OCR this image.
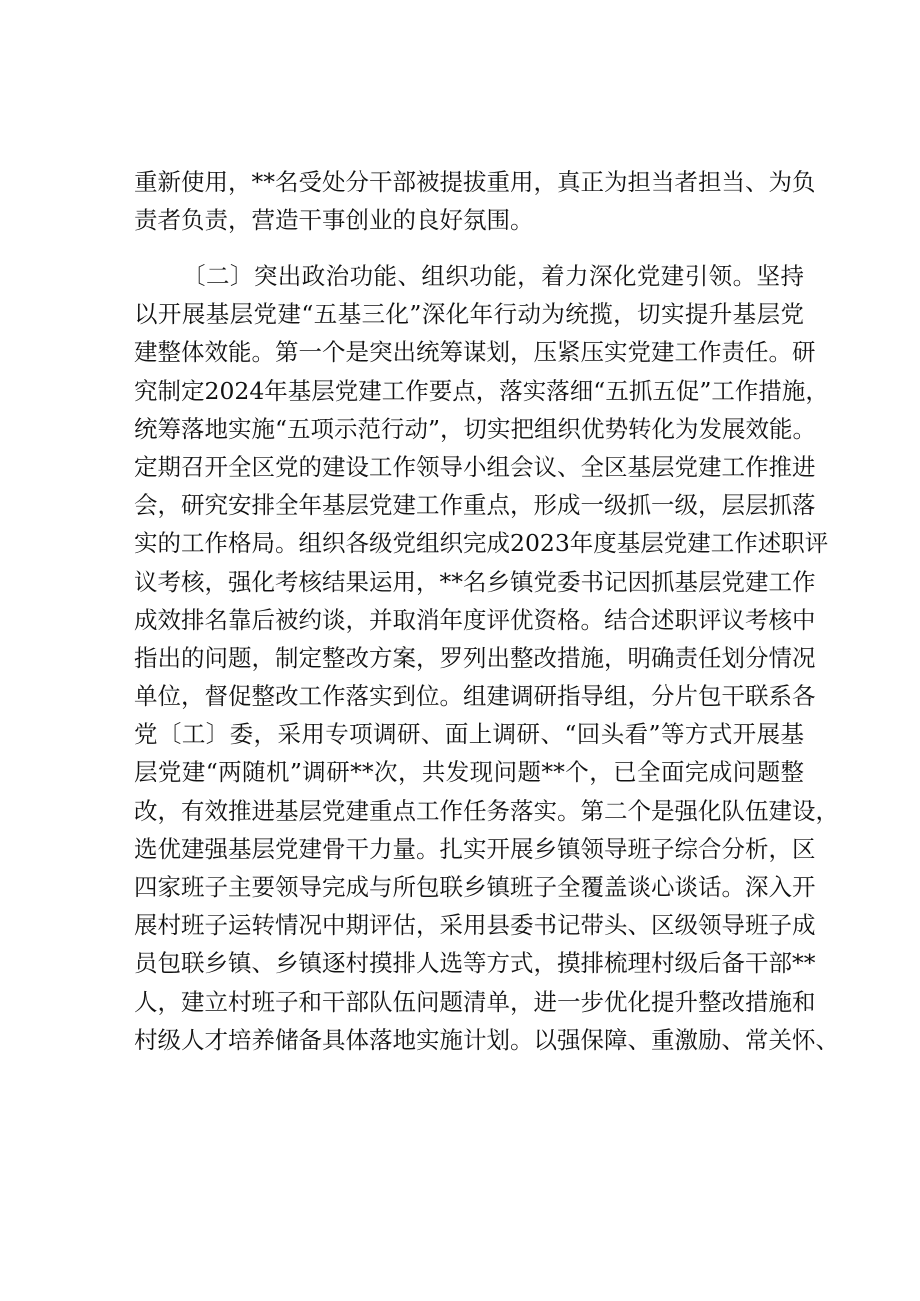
重新使用，**名受处分干部被提拔重用，真正为担当者担当、为负
责者负责，营造干事创业的良好氛围。
〔二〕突出政治功能、组织功能，着力深化党建引领。坚持
以开展基层党建“五基三化”深化年行动为统揽，切实提升基层党
建整体效能。第一个是突出统筹谋划，压紧压实党建工作责任。研
究制定2024年基层党建工作要点，落实落细“五抓五促”工作措施，
统筹落地实施“五项示范行动”，切实把组织优势转化为发展效能。
定期召开全区党的建设工作领导小组会议、全区基层党建工作推进
会，研究安排全年基层党建工作重点，形成一级抓一级，层层抓落
实的工作格局。组织各级党组织完成2023年度基层党建工作述职评
议考核，强化考核结果运用，**名乡镇党委书记因抓基层党建工作
成效排名靠后被约谈，并取消年度评优资格。结合述职评议考核中
指出的问题，制定整改方案，罗列出整改措施，明确责任划分情况
单位，督促整改工作落实到位。组建调研指导组，分片包干联系各
党〔工〕委，采用专项调研、面上调研、“回头看”等方式开展基
层党建“两随机”调研**次，共发现问题**个，已全面完成问题整
改，有效推进基层党建重点工作任务落实。第二个是强化队伍建设，
选优建强基层党建骨干力量。扎实开展乡镇领导班子综合分析，区
四家班子主要领导完成与所包联乡镇班子全覆盖谈心谈话。深入开
展村班子运转情况中期评估，采用县委书记带头、区级领导班子成
员包联乡镇、乡镇逐村摸排人选等方式，摸排梳理村级后备干部**
人，建立村班子和干部队伍问题清单，进一步优化提升整改措施和
村级人才培养储备具体落地实施计划。以强保障、重激励、常关怀、
